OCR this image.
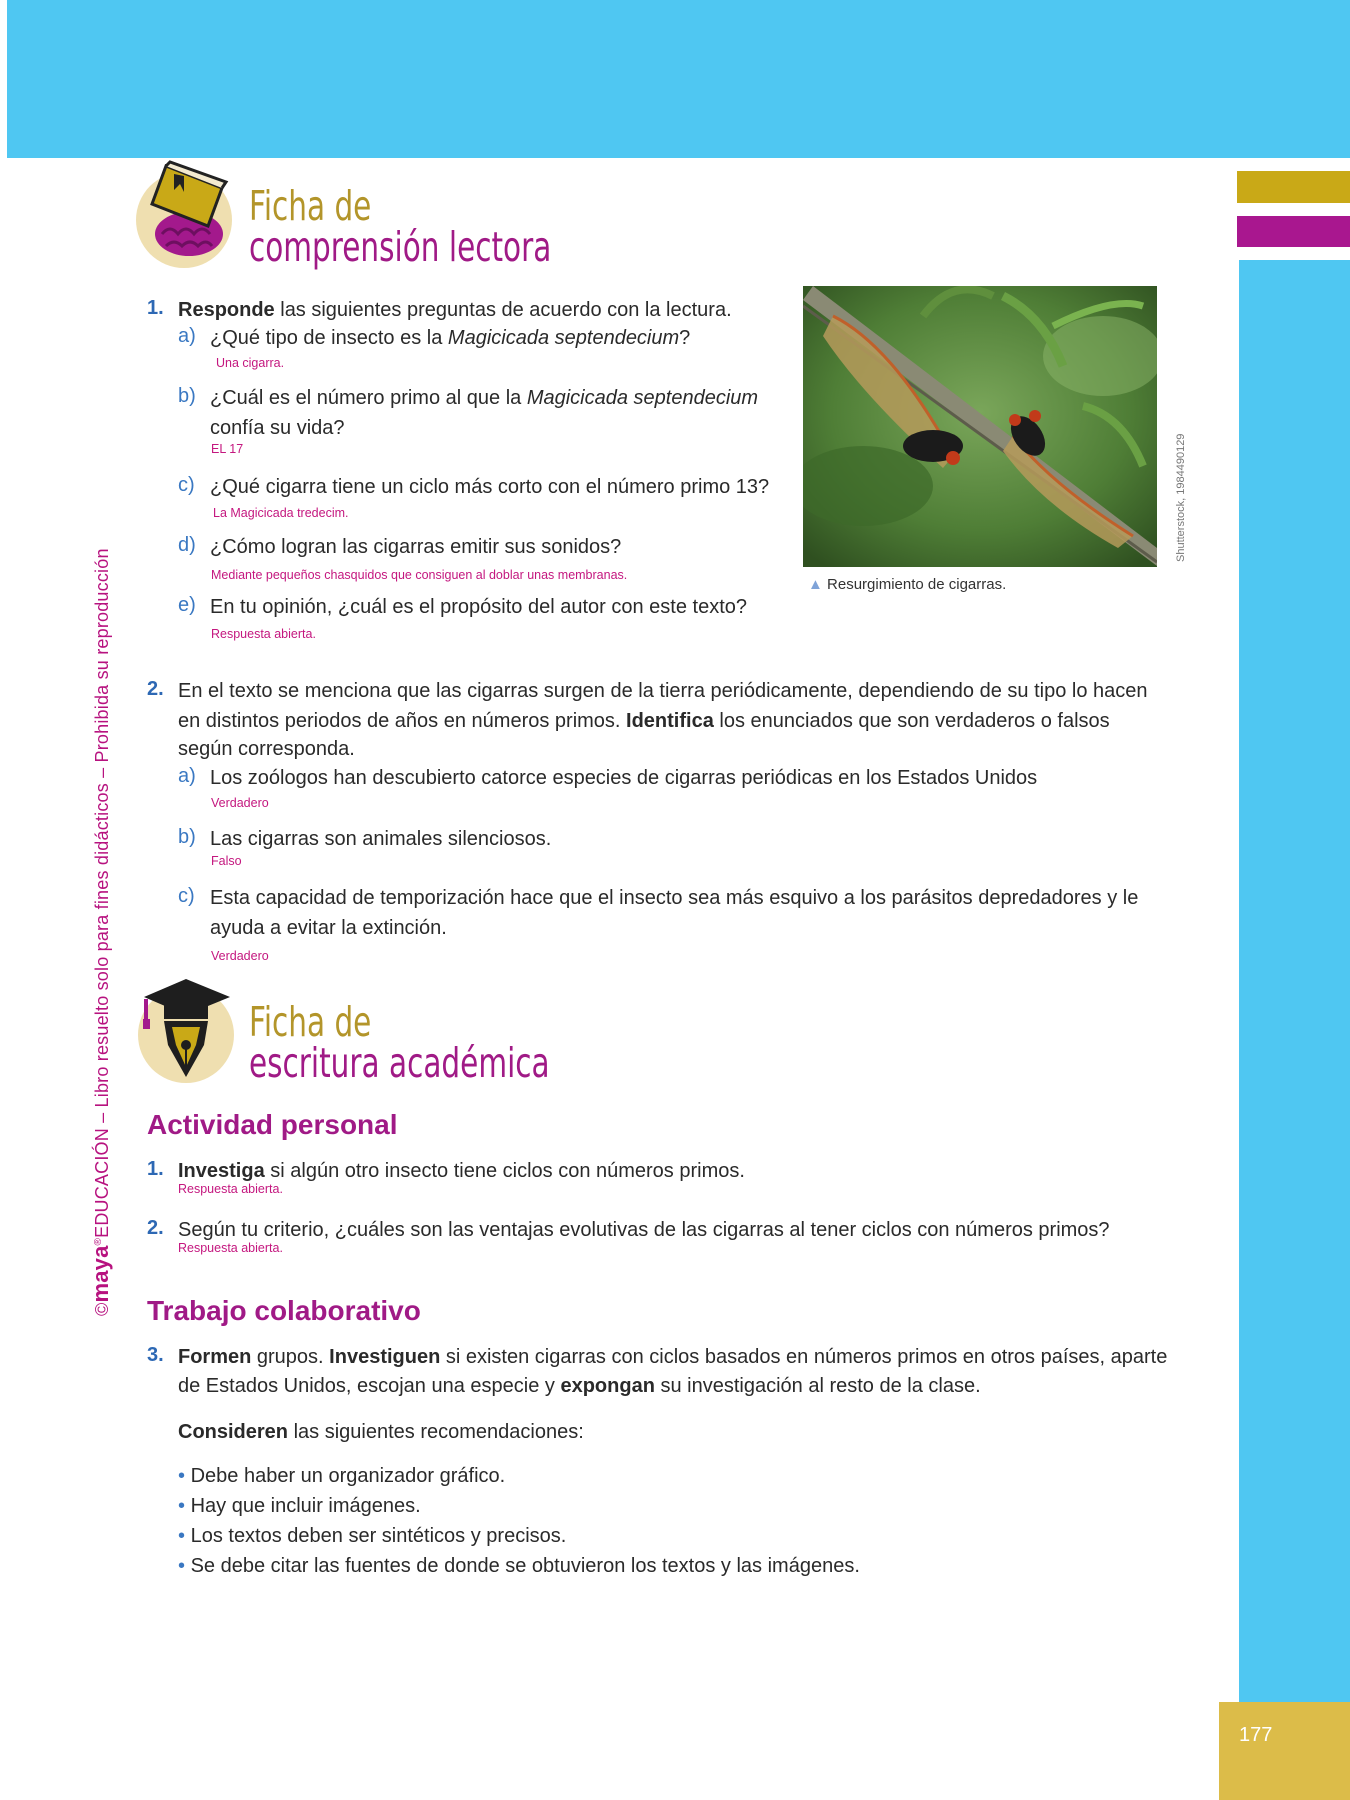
177
©maya®EDUCACIÓN – Libro resuelto solo para fines didácticos – Prohibida su reproducción
Ficha de
comprensión lectora
1. Responde las siguientes preguntas de acuerdo con la lectura.
a) ¿Qué tipo de insecto es la Magicicada septendecium?
Una cigarra.
b) ¿Cuál es el número primo al que la Magicicada septendecium
confía su vida?
EL 17
c) ¿Qué cigarra tiene un ciclo más corto con el número primo 13?
La Magicicada tredecim.
d) ¿Cómo logran las cigarras emitir sus sonidos?
Mediante pequeños chasquidos que consiguen al doblar unas membranas.
e) En tu opinión, ¿cuál es el propósito del autor con este texto?
Respuesta abierta.
▲ Resurgimiento de cigarras.
Shutterstock, 1984490129
2. En el texto se menciona que las cigarras surgen de la tierra periódicamente, dependiendo de su tipo lo hacen
en distintos periodos de años en números primos. Identifica los enunciados que son verdaderos o falsos
según corresponda.
a) Los zoólogos han descubierto catorce especies de cigarras periódicas en los Estados Unidos
Verdadero
b) Las cigarras son animales silenciosos.
Falso
c) Esta capacidad de temporización hace que el insecto sea más esquivo a los parásitos depredadores y le
ayuda a evitar la extinción.
Verdadero
Ficha de
escritura académica
Actividad personal
1. Investiga si algún otro insecto tiene ciclos con números primos.
Respuesta abierta.
2. Según tu criterio, ¿cuáles son las ventajas evolutivas de las cigarras al tener ciclos con números primos?
Respuesta abierta.
Trabajo colaborativo
3. Formen grupos. Investiguen si existen cigarras con ciclos basados en números primos en otros países, aparte
de Estados Unidos, escojan una especie y expongan su investigación al resto de la clase.
Consideren las siguientes recomendaciones:
• Debe haber un organizador gráfico.
• Hay que incluir imágenes.
• Los textos deben ser sintéticos y precisos.
• Se debe citar las fuentes de donde se obtuvieron los textos y las imágenes.
